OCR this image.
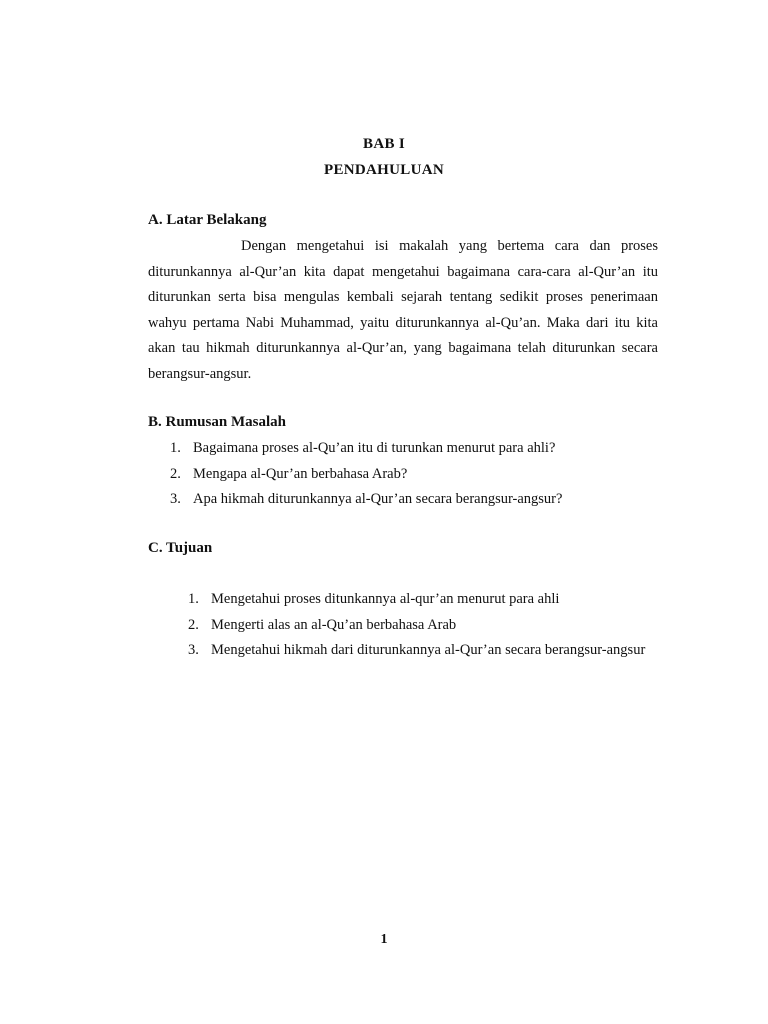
BAB I
PENDAHULUAN
A. Latar Belakang

Dengan mengetahui isi makalah yang bertema cara dan proses diturunkannya al-Qur’an kita dapat mengetahui bagaimana cara-cara al-Qur’an itu diturunkan serta bisa mengulas kembali sejarah tentang sedikit proses penerimaan wahyu pertama Nabi Muhammad, yaitu diturunkannya al-Qu’an. Maka dari itu kita akan tau hikmah diturunkannya al-Qur’an, yang bagaimana telah diturunkan secara berangsur-angsur.

B. Rumusan Masalah
1. Bagaimana proses al-Qu’an itu di turunkan menurut para ahli?
2. Mengapa al-Qur’an berbahasa Arab?
3. Apa hikmah diturunkannya al-Qur’an secara berangsur-angsur?
C. Tujuan
1. Mengetahui proses ditunkannya al-qur’an menurut para ahli
2. Mengerti alas an al-Qu’an berbahasa Arab
3. Mengetahui hikmah dari diturunkannya al-Qur’an secara berangsur-angsur
1
